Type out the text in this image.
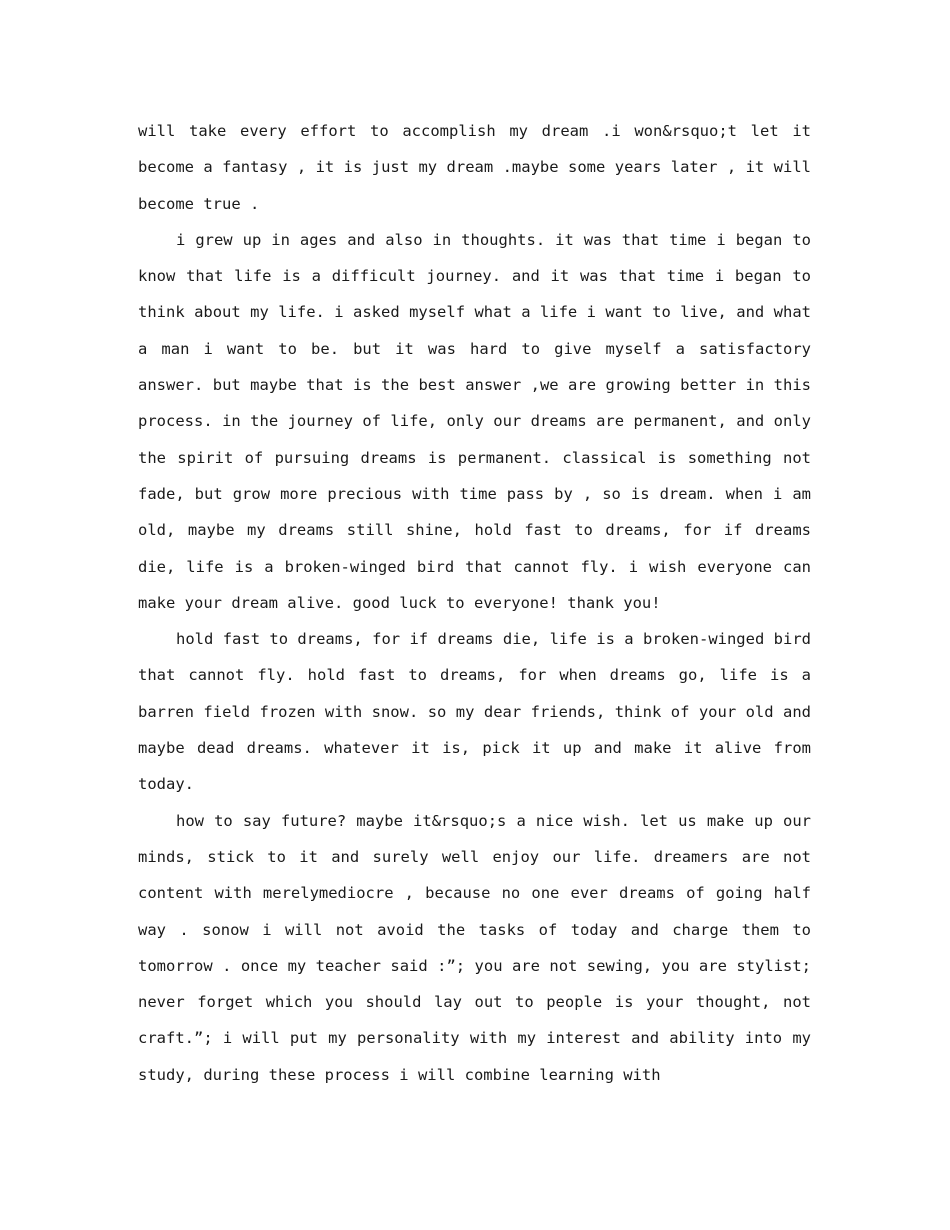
will take every effort to accomplish my dream .i won&rsquo;t let it become a fantasy , it is just my dream .maybe some years later , it will become true .

i grew up in ages and also in thoughts. it was that time i began to know that life is a difficult journey. and it was that time i began to think about my life. i asked myself what a life i want to live, and what a man i want to be. but it was hard to give myself a satisfactory answer. but maybe that is the best answer ,we are growing better in this process. in the journey of life, only our dreams are permanent, and only the spirit of pursuing dreams is permanent. classical is something not fade, but grow more precious with time pass by , so is dream. when i am old, maybe my dreams still shine, hold fast to dreams, for if dreams die, life is a broken-winged bird that cannot fly. i wish everyone can make your dream alive. good luck to everyone! thank you!

hold fast to dreams, for if dreams die, life is a broken-winged bird that cannot fly. hold fast to dreams, for when dreams go, life is a barren field frozen with snow. so my dear friends, think of your old and maybe dead dreams. whatever it is, pick it up and make it alive from today.

how to say future? maybe it&rsquo;s a nice wish. let us make up our minds, stick to it and surely well enjoy our life. dreamers are not content with merelymediocre , because no one ever dreams of going half way . sonow i will not avoid the tasks of today and charge them to tomorrow . once my teacher said :”; you are not sewing, you are stylist; never forget which you should lay out to people is your thought, not craft.”; i will put my personality with my interest and ability into my study, during these process i will combine learning with
